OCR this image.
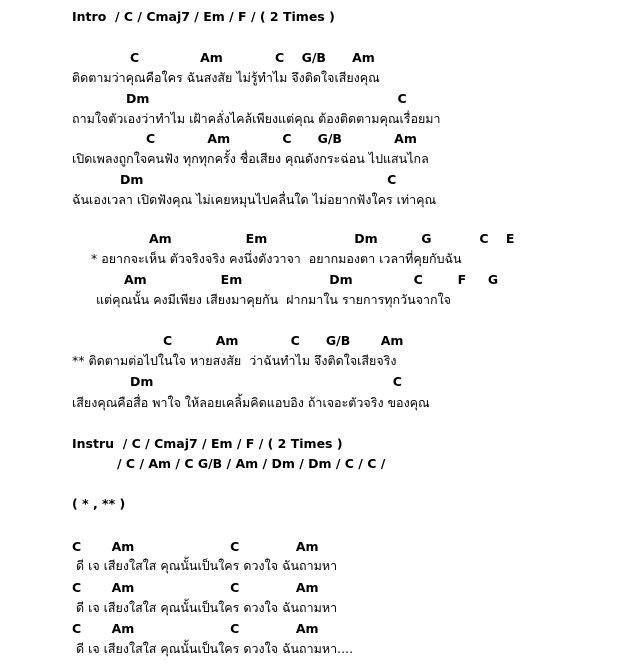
Intro  / C / Cmaj7 / Em / F / ( 2 Times )
C              Am            C    G/B      Am
ติดตามว่าคุณคือใคร ฉันสงสัย ไม่รู้ทำไม จึงติดใจเสียงคุณ
Dm                                                         C
ถามใจตัวเองว่าทำไม เฝ้าคลั่งไคล้เพียงแต่คุณ ต้องติดตามคุณเรื่อยมา
C            Am            C      G/B            Am
เปิดเพลงถูกใจคนฟัง ทุกทุกครั้ง ชื่อเสียง คุณดังกระฉ่อน ไปแสนไกล
Dm                                                        C
ฉันเองเวลา เปิดฟังคุณ ไม่เคยหมุนไปคลื่นใด ไม่อยากฟังใคร เท่าคุณ
Am                 Em                    Dm          G           C    E
* อยากจะเห็น ตัวจริงจริง คงนึ่งดังวาจา  อยากมองตา เวลาที่คุยกับฉัน
Am                 Em                    Dm              C        F     G
แต่คุณนั้น คงมีเพียง เสียงมาคุยกัน  ฝากมาใน รายการทุกวันจากใจ
C          Am            C      G/B       Am
** ติดตามต่อไปในใจ หายสงสัย  ว่าฉันทำไม จึงติดใจเสียจริง
Dm                                                       C
เสียงคุณคือสื่อ พาใจ ให้ลอยเคลิ้มคิดแอบอิง ถ้าเจอะตัวจริง ของคุณ
Instru  / C / Cmaj7 / Em / F / ( 2 Times )
/ C / Am / C G/B / Am / Dm / Dm / C / C /
( * , ** )
C       Am                      C             Am
ดี เจ เสียงใสใส คุณนั้นเป็นใคร ดวงใจ ฉันถามหา
C       Am                      C             Am
ดี เจ เสียงใสใส คุณนั้นเป็นใคร ดวงใจ ฉันถามหา
C       Am                      C             Am
ดี เจ เสียงใสใส คุณนั้นเป็นใคร ดวงใจ ฉันถามหา....
